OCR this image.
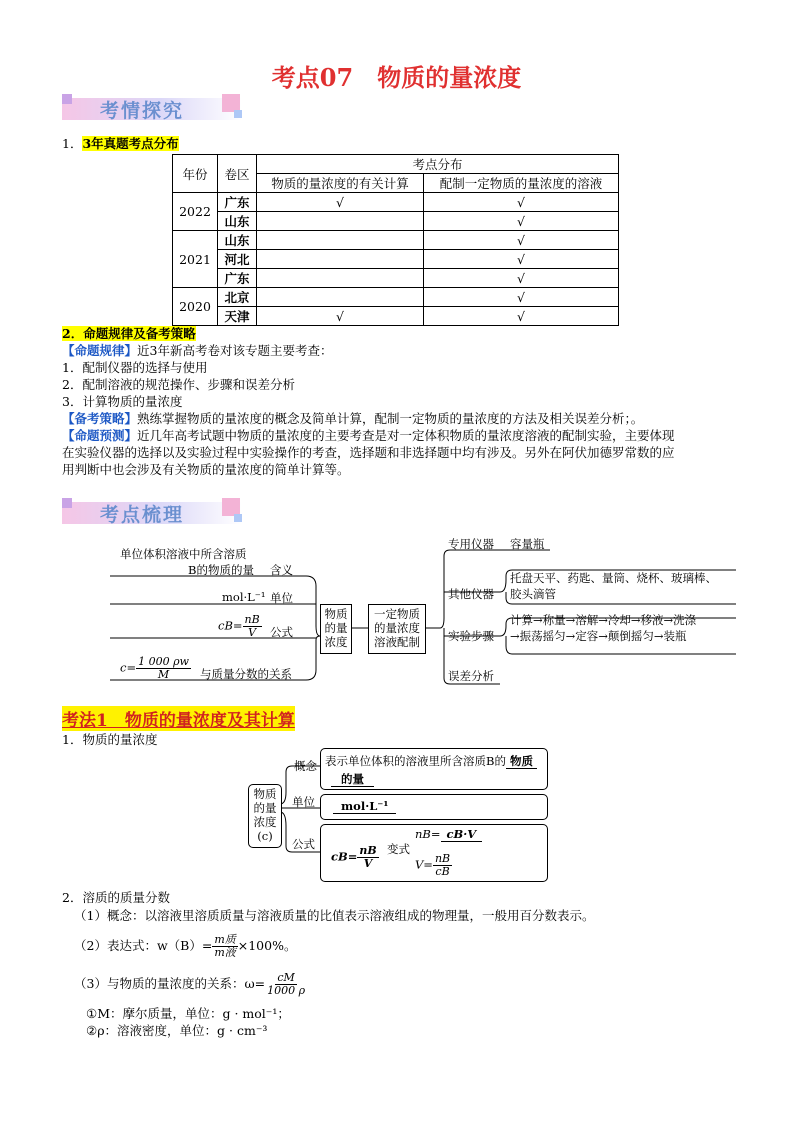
考点07　物质的量浓度
考情探究
1．3年真题考点分布
年份	卷区	考点分布	
		物质的量浓度的有关计算	配制一定物质的量浓度的溶液
2022	广东	√	√
	山东		√
2021	山东		√
	河北		√
	广东		√
2020	北京		√
	天津	√	√
2．命题规律及备考策略
【命题规律】近3年新高考卷对该专题主要考查：
1．配制仪器的选择与使用
2．配制溶液的规范操作、步骤和误差分析
3．计算物质的量浓度
【备考策略】熟练掌握物质的量浓度的概念及简单计算，配制一定物质的量浓度的方法及相关误差分析；。
【命题预测】近几年高考试题中物质的量浓度的主要考查是对一定体积物质的量浓度溶液的配制实验，主要体现
在实验仪器的选择以及实验过程中实验操作的考查，选择题和非选择题中均有涉及。另外在阿伏加德罗常数的应
用判断中也会涉及有关物质的量浓度的简单计算等。
考点梳理
单位体积溶液中所含溶质
B的物质的量 含义
mol·L⁻¹ 单位
$cB= \frac{nB}{V}$ 公式
$c= \frac{1 000 \rho w}{M}$ 与质量分数的关系
物质的量浓度
一定物质的量浓度溶液配制
专用仪器 容量瓶
其他仪器
托盘天平、药匙、量筒、烧杯、玻璃棒、
胶头滴管
实验步骤
计算→称量→溶解→冷却→移液→洗涤
→振荡摇匀→定容→颠倒摇匀→装瓶
误差分析
考法1　物质的量浓度及其计算
1．物质的量浓度
物质的量浓度(c)
概念
单位
公式
表示单位体积的溶液里所含溶质B的 物质
的量
mol·L⁻¹
$cB= \frac{nB}{V}$ 变式
nB= cB·V
$V= \frac{nB}{cB}$
2．溶质的质量分数
（1）概念：以溶液里溶质质量与溶液质量的比值表示溶液组成的物理量，一般用百分数表示。
（2）表达式：$w(B)= \frac{\text{m质}}{\text{m液}} \times 100\%$。
（3）与物质的量浓度的关系：$\omega= \frac{cM}{1000 \rho}$
①M：摩尔质量，单位：g · mol⁻¹；
②ρ：溶液密度，单位：g · cm⁻³
